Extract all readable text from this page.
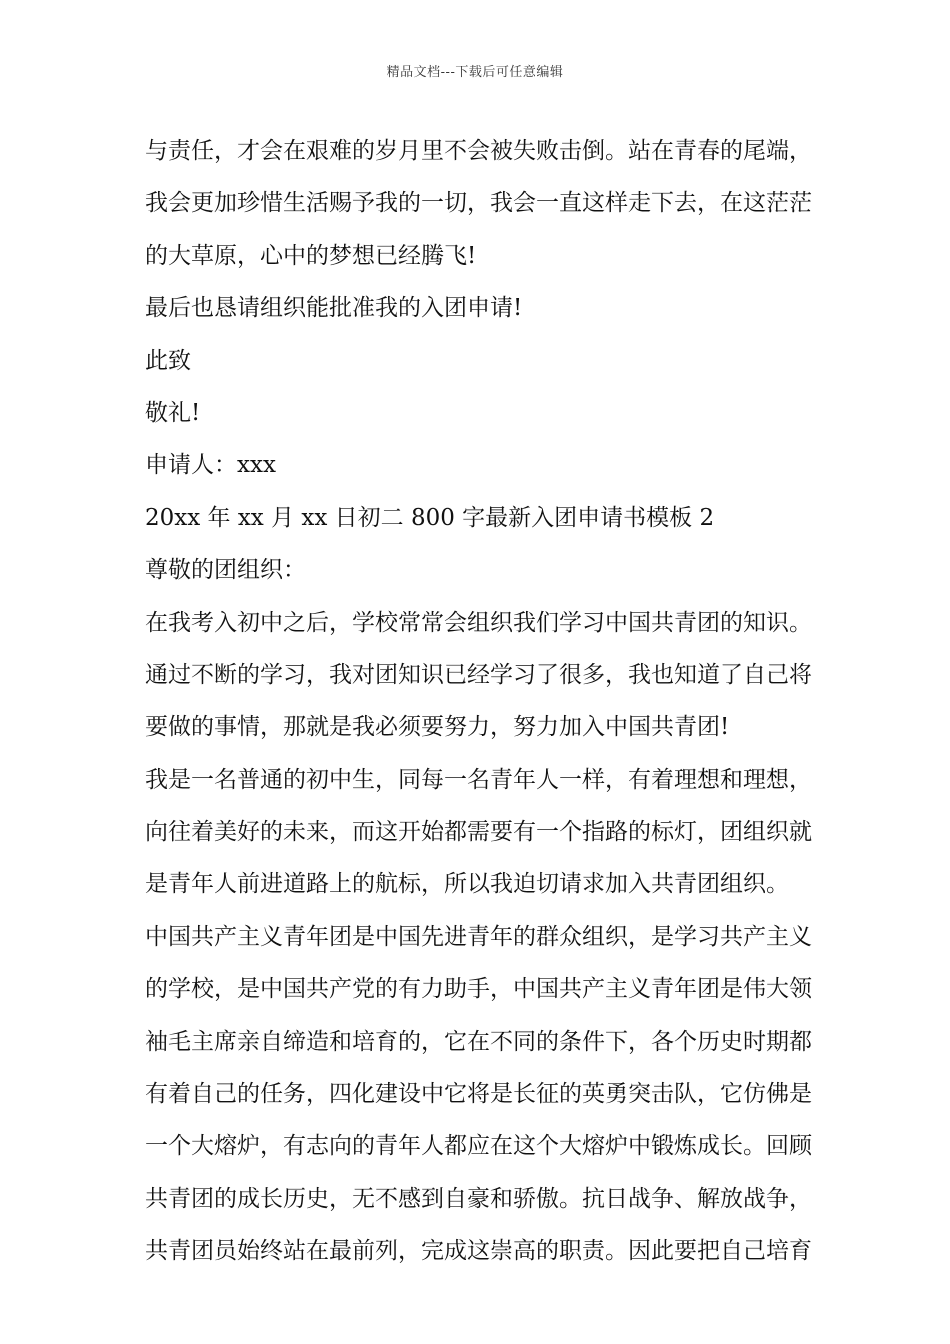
精品文档---下载后可任意编辑
与责任，才会在艰难的岁月里不会被失败击倒。站在青春的尾端，
我会更加珍惜生活赐予我的一切，我会一直这样走下去，在这茫茫
的大草原，心中的梦想已经腾飞!
最后也恳请组织能批准我的入团申请!
此致
敬礼!
申请人：xxx
20xx 年 xx 月 xx 日初二 800 字最新入团申请书模板 2
尊敬的团组织：
在我考入初中之后，学校常常会组织我们学习中国共青团的知识。
通过不断的学习，我对团知识已经学习了很多，我也知道了自己将
要做的事情，那就是我必须要努力，努力加入中国共青团!
我是一名普通的初中生，同每一名青年人一样，有着理想和理想，
向往着美好的未来，而这开始都需要有一个指路的标灯，团组织就
是青年人前进道路上的航标，所以我迫切请求加入共青团组织。
中国共产主义青年团是中国先进青年的群众组织，是学习共产主义
的学校，是中国共产党的有力助手，中国共产主义青年团是伟大领
袖毛主席亲自缔造和培育的，它在不同的条件下，各个历史时期都
有着自己的任务，四化建设中它将是长征的英勇突击队，它仿佛是
一个大熔炉，有志向的青年人都应在这个大熔炉中锻炼成长。回顾
共青团的成长历史，无不感到自豪和骄傲。抗日战争、解放战争，
共青团员始终站在最前列，完成这崇高的职责。因此要把自己培育
